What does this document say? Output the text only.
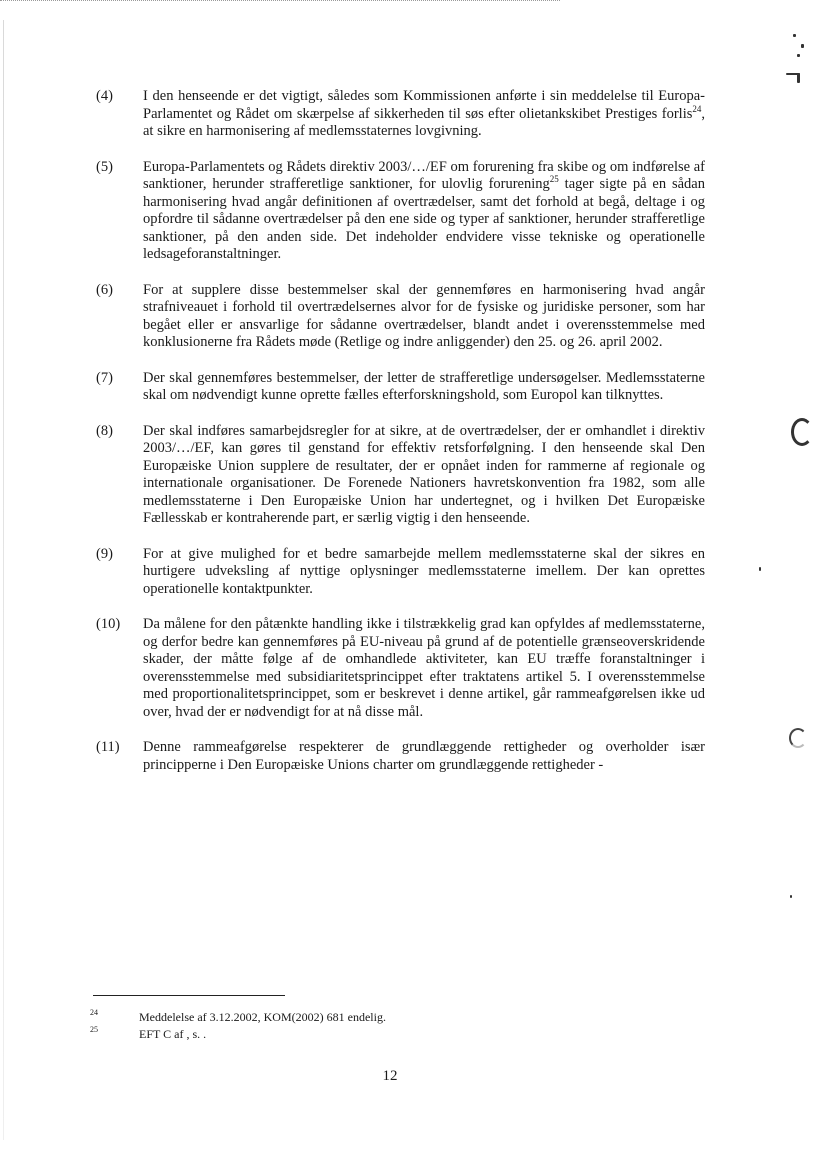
(4)	I den henseende er det vigtigt, således som Kommissionen anførte i sin meddelelse til Europa-Parlamentet og Rådet om skærpelse af sikkerheden til søs efter olietankskibet Prestiges forlis$^{24}$, at sikre en harmonisering af medlemsstaternes lovgivning.
(5)	Europa-Parlamentets og Rådets direktiv 2003/…/EF om forurening fra skibe og om indførelse af sanktioner, herunder strafferetlige sanktioner, for ulovlig forurening$^{25}$ tager sigte på en sådan harmonisering hvad angår definitionen af overtrædelser, samt det forhold at begå, deltage i og opfordre til sådanne overtrædelser på den ene side og typer af sanktioner, herunder strafferetlige sanktioner, på den anden side. Det indeholder endvidere visse tekniske og operationelle ledsageforanstaltninger.
(6)	For at supplere disse bestemmelser skal der gennemføres en harmonisering hvad angår strafniveauet i forhold til overtrædelsernes alvor for de fysiske og juridiske personer, som har begået eller er ansvarlige for sådanne overtrædelser, blandt andet i overensstemmelse med konklusionerne fra Rådets møde (Retlige og indre anliggender) den 25. og 26. april 2002.
(7)	Der skal gennemføres bestemmelser, der letter de strafferetlige undersøgelser. Medlemsstaterne skal om nødvendigt kunne oprette fælles efterforskningshold, som Europol kan tilknyttes.
(8)	Der skal indføres samarbejdsregler for at sikre, at de overtrædelser, der er omhandlet i direktiv 2003/…/EF, kan gøres til genstand for effektiv retsforfølgning. I den henseende skal Den Europæiske Union supplere de resultater, der er opnået inden for rammerne af regionale og internationale organisationer. De Forenede Nationers havretskonvention fra 1982, som alle medlemsstaterne i Den Europæiske Union har undertegnet, og i hvilken Det Europæiske Fællesskab er kontraherende part, er særlig vigtig i den henseende.
(9)	For at give mulighed for et bedre samarbejde mellem medlemsstaterne skal der sikres en hurtigere udveksling af nyttige oplysninger medlemsstaterne imellem. Der kan oprettes operationelle kontaktpunkter.
(10)	Da målene for den påtænkte handling ikke i tilstrækkelig grad kan opfyldes af medlemsstaterne, og derfor bedre kan gennemføres på EU-niveau på grund af de potentielle grænseoverskridende skader, der måtte følge af de omhandlede aktiviteter, kan EU træffe foranstaltninger i overensstemmelse med subsidiaritetsprincippet efter traktatens artikel 5. I overensstemmelse med proportionalitetsprincippet, som er beskrevet i denne artikel, går rammeafgørelsen ikke ud over, hvad der er nødvendigt for at nå disse mål.
(11)	Denne rammeafgørelse respekterer de grundlæggende rettigheder og overholder især principperne i Den Europæiske Unions charter om grundlæggende rettigheder -
24	Meddelelse af 3.12.2002, KOM(2002) 681 endelig.
25	EFT C af , s. .
12
